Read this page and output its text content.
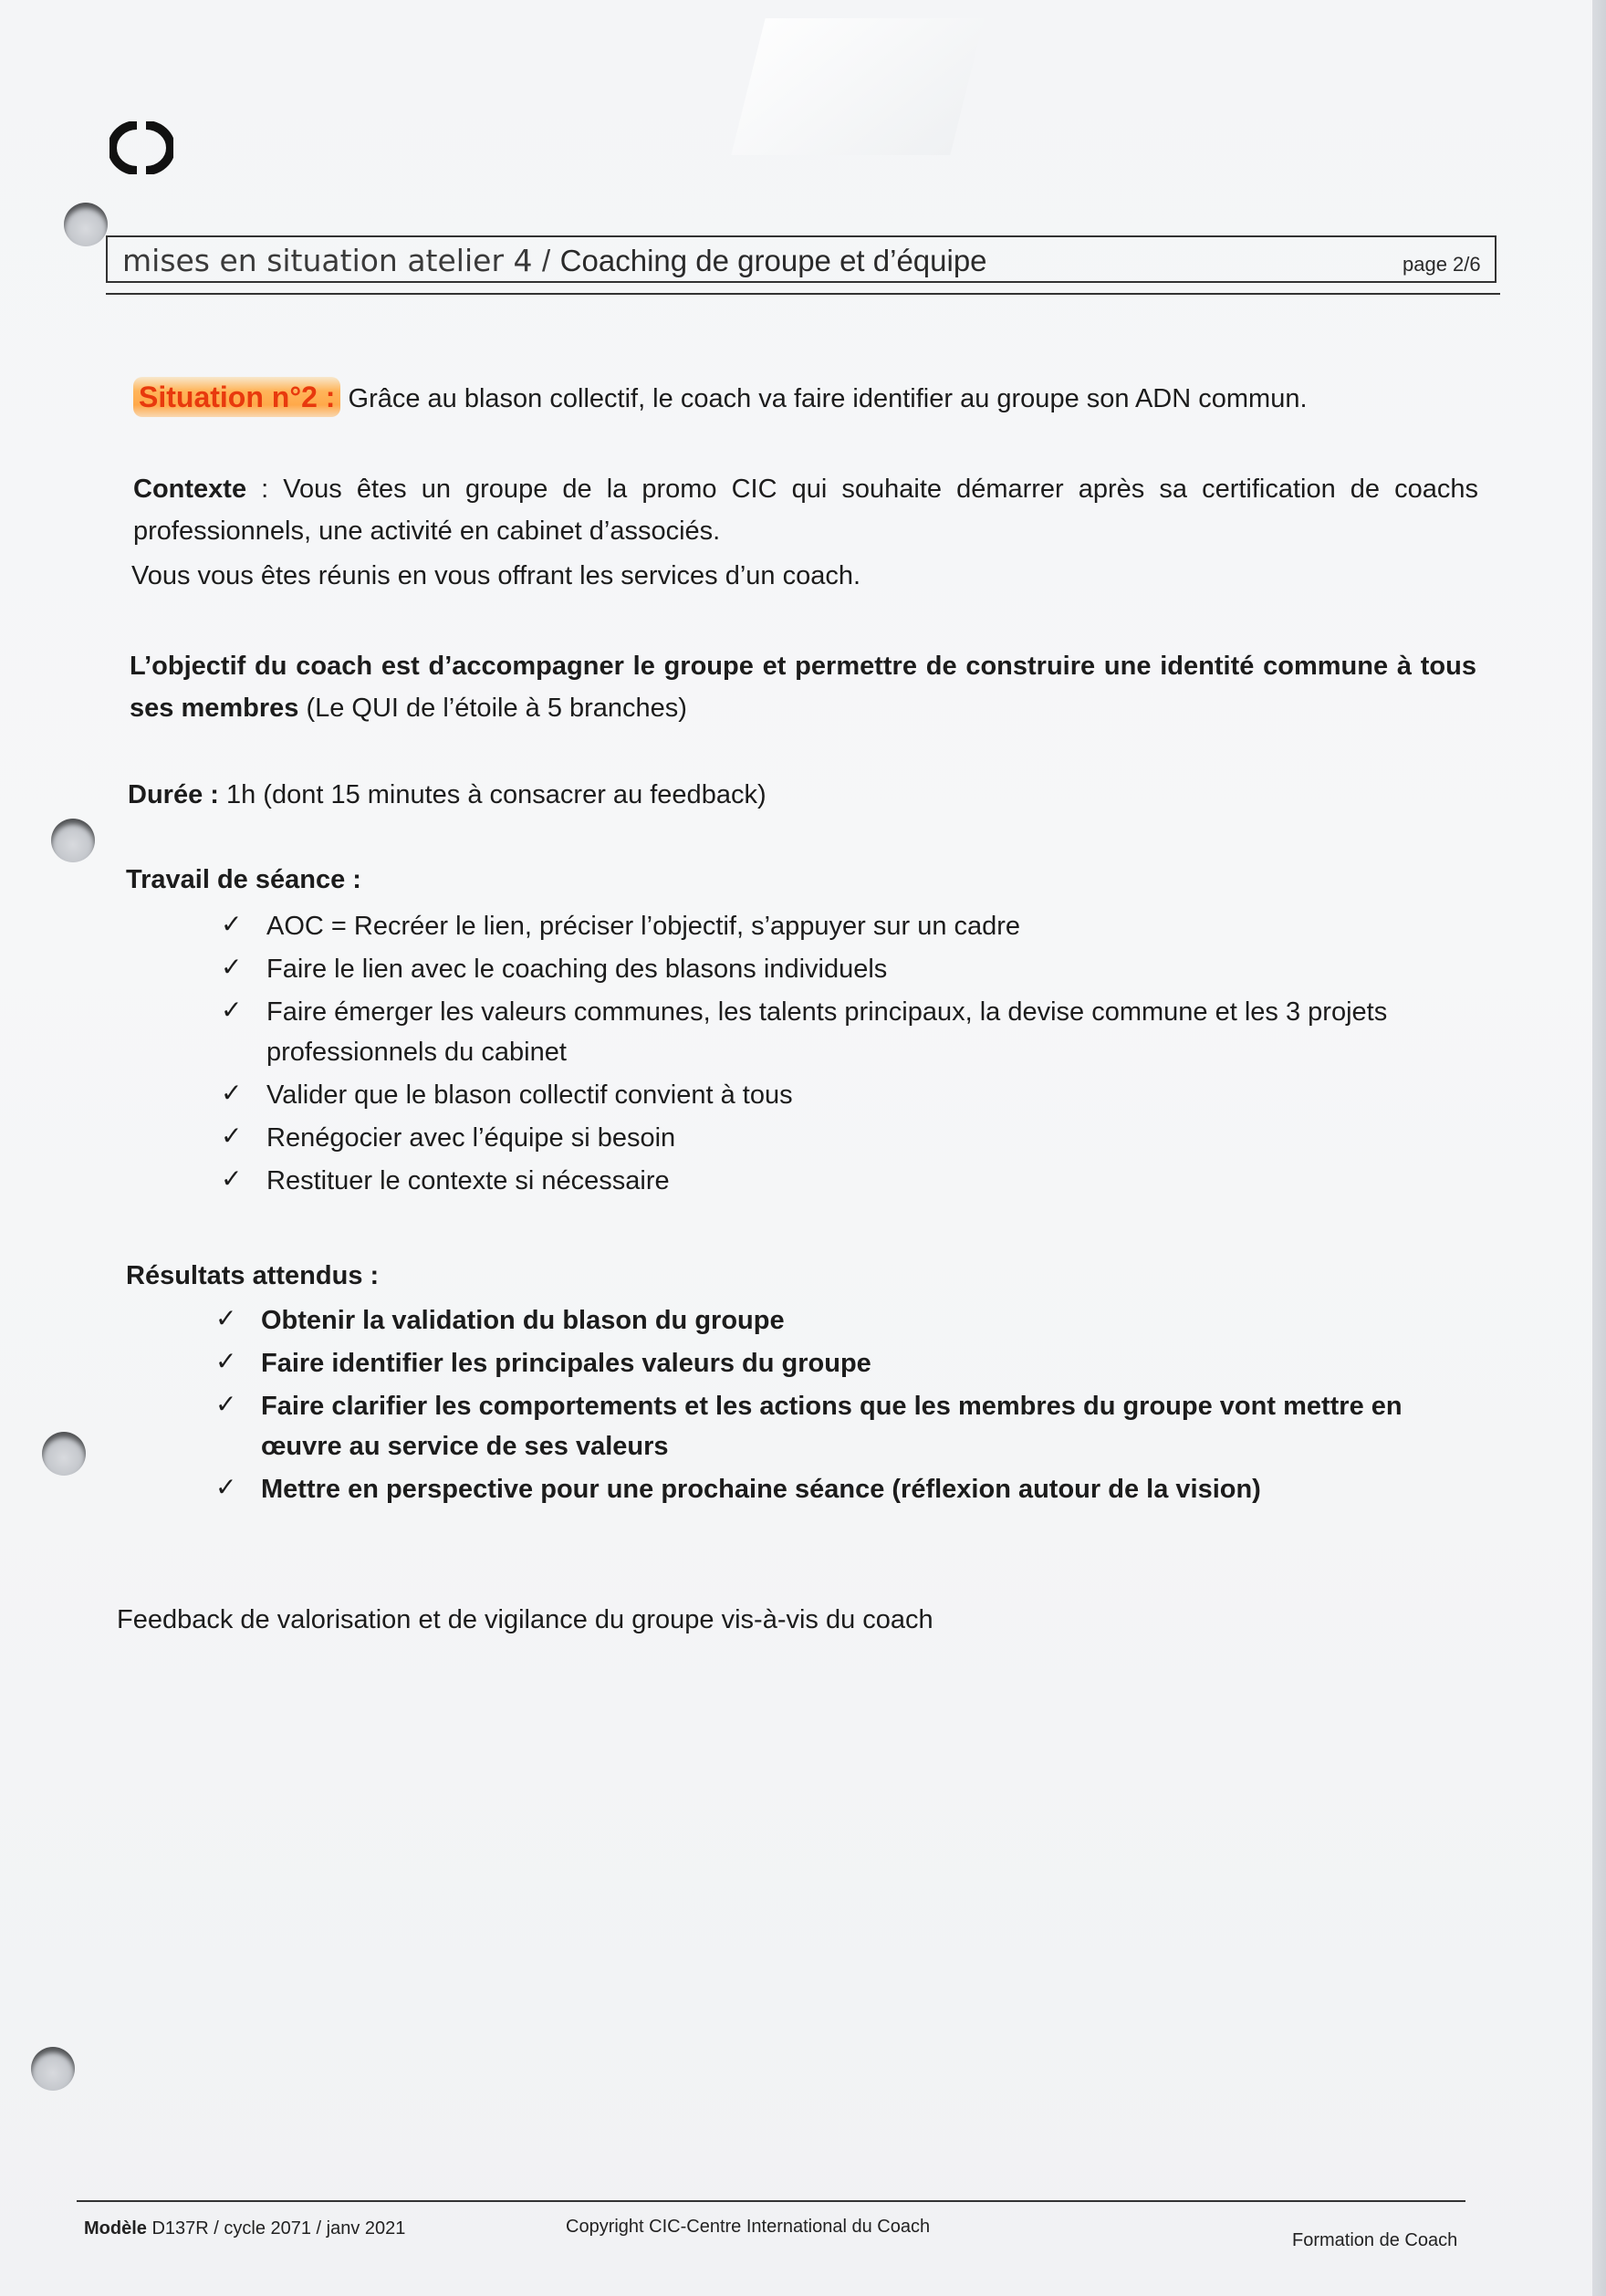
mises en situation atelier 4 / Coaching de groupe et d’équipe	page 2/6
Situation n°2 : Grâce au blason collectif, le coach va faire identifier au groupe son ADN commun.
Contexte : Vous êtes un groupe de la promo CIC qui souhaite démarrer après sa certification de coachs professionnels, une activité en cabinet d’associés.
Vous vous êtes réunis en vous offrant les services d’un coach.
L’objectif du coach est d’accompagner le groupe et permettre de construire une identité commune à tous ses membres (Le QUI de l’étoile à 5 branches)
Durée : 1h (dont 15 minutes à consacrer au feedback)
Travail de séance :
✓ AOC = Recréer le lien, préciser l’objectif, s’appuyer sur un cadre
✓ Faire le lien avec le coaching des blasons individuels
✓ Faire émerger les valeurs communes, les talents principaux, la devise commune et les 3 projets professionnels du cabinet
✓ Valider que le blason collectif convient à tous
✓ Renégocier avec l’équipe si besoin
✓ Restituer le contexte si nécessaire
Résultats attendus :
✓ Obtenir la validation du blason du groupe
✓ Faire identifier les principales valeurs du groupe
✓ Faire clarifier les comportements et les actions que les membres du groupe vont mettre en œuvre au service de ses valeurs
✓ Mettre en perspective pour une prochaine séance (réflexion autour de la vision)
Feedback de valorisation et de vigilance du groupe vis-à-vis du coach
Modèle D137R / cycle 2071 / janv 2021	Copyright CIC-Centre International du Coach
Formation de Coach
